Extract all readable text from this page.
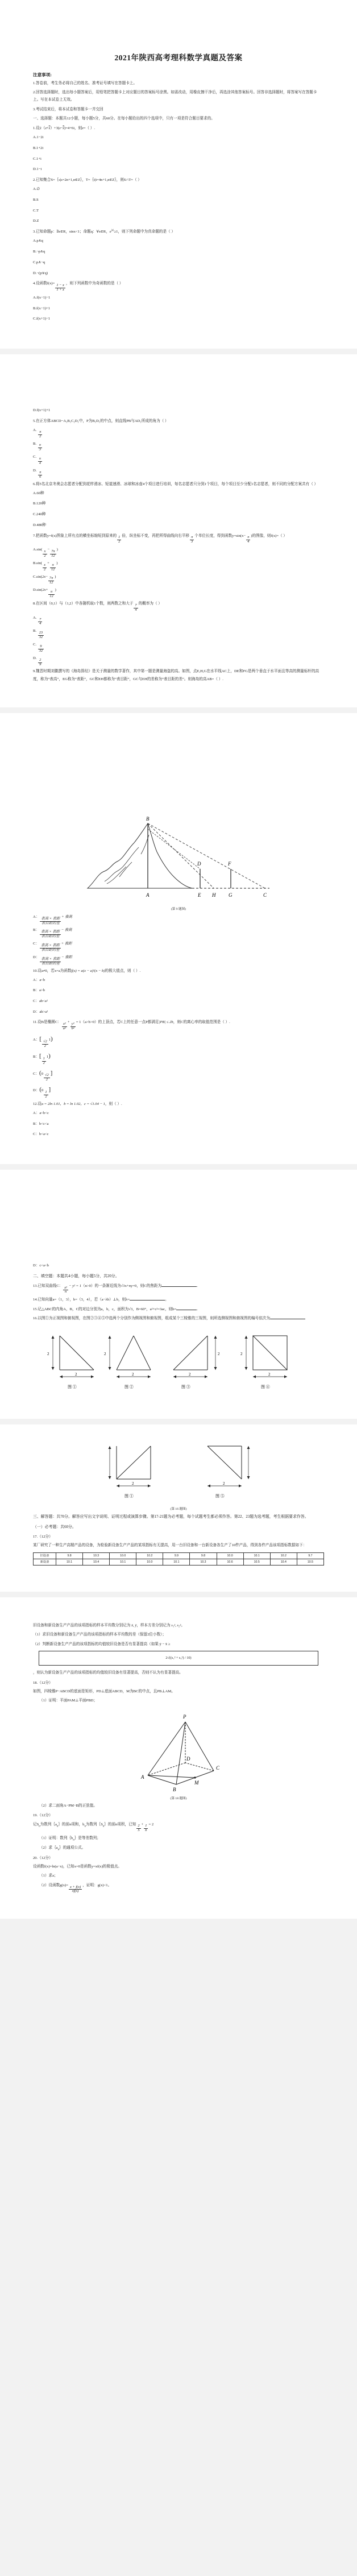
2021年陕西高考理科数学真题及答案
注意事项:
1.答卷前，考生务必将自己的姓名、准考证号填写在答题卡上。
2.回答选择题时，选出每小题答案后，用铅笔把答题卡上对应题目的答案标号涂黑。如需改动，用橡皮擦干净后，再选涂其他答案标号。回答非选择题时，将答案写在答题卡上。写在本试卷上无效。
3.考试结束后，将本试卷和答题卡一并交回
一、选择题：本题共12小题，每小题5分，共60分。在每小题给出的四个选项中，只有一项是符合题目要求的。
1.设$2(z+\overline{z})+3(z-\overline{z})=4+6i$，则z=（ ）.
A.1−2i
B.1+2i
C.1+i
D.1−i
2.已知集合S=｛s|s=2n+1,n∈Z｝，T=｛t|t=4n+1,n∈Z｝，则S∩T=（ ）
A.∅
B.S
C.T
D.Z
3.已知命题p：∃x∈R，sinx<1；命题q：∀x∈R，$e^{|x|}\ge 1$，则下列命题中为真命题的是（ ）
A.p∧q
B.¬p∧q
C.p∧¬q
D.¬(p∨q)
4.设函数f(x)=
$\frac{1 - x}{1 + x}$
，则下列函数中为奇函数的是（ ）
A.f(x−1)−1
B.f(x−1)+1
C.f(x+1)−1
D.f(x+1)+1
5.在正方体ABCD−A₁B₁C₁D₁中，P为B₁D₁的中点，则直线PB与AD₁所成的角为（ ）
A.
$\frac{\pi}{2}$
B.
$\frac{\pi}{3}$
C.
$\frac{\pi}{4}$
D.
$\frac{\pi}{6}$
6.将5名北京冬奥会志愿者分配到花样滑冰、短道速滑、冰球和冰壶4个项目进行培训，每名志愿者只分到1个项目，每个项目至少分配1名志愿者，则不同的分配方案共有（ ）
A.60种
B.120种
C.240种
D.480种
7.把函数y=f(x)图象上所有点的横坐标缩短到原来的
$\frac{1}{2}$
倍，纵坐标不变，再把所得曲线向右平移
$\frac{\pi}{3}$
个单位长度，得到函数y=sin(x−
$\frac{\pi}{4}$
)的图像，则f(x)=（ ）
A.sin(
$\frac{x}{2}$
−
$\frac{7\pi}{12}$
)
B.sin(
$\frac{x}{2}$
+
$\frac{\pi}{12}$
)
C.sin(2x−
$\frac{7\pi}{12}$
)
D.sin(2x+
$\frac{\pi}{12}$
)
8.在区间（0,1）与（1,2）中各随机取1个数，则两数之和大于
$\frac{7}{4}$
的概率为（ ）
A.
$\frac{7}{4}$
B.
$\frac{23}{32}$
C.
$\frac{9}{32}$
D.
$\frac{2}{9}$
9.魏晋时期刘徽撰写的《海岛算经》是关于测量的数学著作，其中第一题是测量海盗的高。如图，点E,H,G在水平线AC上，DE和FG是两个垂直于水平面且等高的测量标杆的高度，称为“表高”，EG称为“表距”，GC和EH都称为“表目距”，GC与EH的差称为“表目距的差”。则海岛的高AB=（ ）.
B
D	F
A	E H	G	C
(第 9 题图)
A：
$\frac{\text{表高 × 表距}}{\text{表目距的差}}$
+ 表高
B：
$\frac{\text{表高 × 表距}}{\text{表目距的差}}$
− 表高
C：
$\frac{\text{表高 × 表距}}{\text{表目距的差}}$
+ 表距
D：
$\frac{\text{表高 × 表距}}{\text{表目距的差}}$
− 表距
10.设a≠0，若x=a为函数f(x) = a(x − a)²(x − b)的极大值点，则（ ）.
A：a<b
B：a>b
C：ab<a²
D：ab>a²
11.设B是椭圆C：
$\frac{\text{x²}}{\text{a²}}$
+
$\frac{\text{y²}}{\text{b²}}$
= 1（a>b>0）的上顶点，若C上的任意一点P都满足|PB| ≤ 2b，则C的离心率的取值范围是（ ）.
A：[
$\frac{√2}{2}$
1)
B：[
$\frac{1}{2}$
1)
C：(0
$\frac{√2}{2}$
]
D：(0
$\frac{1}{2}$
]
12.设a = 2ln 1.01，b = ln 1.02，c = √1.04 − 1，则（ ）.
A：a<b<c
B：b<c<a
C：b<a<c
D：c<a<b
二、填空题：本题共4小题，每小题5分，共20分。
13.已知双曲线C：
$\frac{\text{x²}}{n}$
− y² = 1（n>0）的一条渐近线为√3x+ny=0，则C的焦距为	.
14.已知向量a=（1，3），b=（3，4），若（a−λb）⊥b，则λ=	。
15.记△ABC的内角A，B，C的对边分别为a，b，c，面积为√3，B=60°，a²+c²=3ac，则b=	.
16.以图①为正视图和俯视图，在图②③④⑤中选两个分别作为侧视图和俯视图，组成某个三棱锥的三视图，则所选侧视图和俯视图的编号依次为
2
2
图 ①
2
2
图 ②
2
2
图 ③
2
2
图 ④
2
图 ①
2
图 ⑤
(第 16 题图)
三、解答题：共70分。解答应写出文字说明、证明过程或演算步骤。第17-21题为必考题，每个试题考生都必须作答。第22、23题为选考题，考生根据要求作答。
（一）必考题：共60分。
17.（12分）
某厂研究了一种生产高精产品的设备，为检验新设备生产产品的某项指标有无提高，用一台旧设备和一台新设备各生产了10件产品，得到各件产品该项指标数据如下：
旧设备	9.8	10.3	10.0	10.2	9.9	9.8	10.0	10.1	10.2	9.7
新设备	10.1	10.4	10.1	10.0	10.1	10.3	10.6	10.5	10.4	10.5
旧设备和新设备生产产品的该项指标的样本平均数分别记为 x̄, ȳ，样本方差分别记为 s₁², s₂²。
（1）求旧设备和新设备生产产品的该项指标的样本平均数的差（保留2位小数）；
（2）判断新设备生产产品的该项指标的均值较旧设备是否有显著提高（如果 ȳ − x̄ ≥
2√((s₁² + s₂²) / 10)
，则认为新设备生产产品的该项指标的均值较旧设备有显著提高，否则不认为有显著提高。
18.（12分）
如图，四棱锥P−ABCD的底面是矩形，PD⊥底面ABCD，M为BC的中点，且PB⊥AM。
（1）证明：平面PAM⊥平面PBD；
P
A
D
B
M
C
(第 18 题图)
（2）求二面角A−PM−B的正弦值。
19.（12分）
记$S_n$为数列$\{a_n\}$的前n项和，$b_n$为数列$\{S_n\}$的前n项积，已知
$\frac{2}{S}$
+
$\frac{1}{b}$
= 2
（1）证明：数列$\{b_n\}$是等差数列；
（2）求$\{a_n\}$的通项公式。
20.（12分）
设函数f(x)=ln(a−x)，已知x=0是函数y=xf(x)的极值点。
（1）求a；
（2）设函数g(x)=
$\frac{x + f(x)}{xf(x)}$
，证明：g(x)<1。
